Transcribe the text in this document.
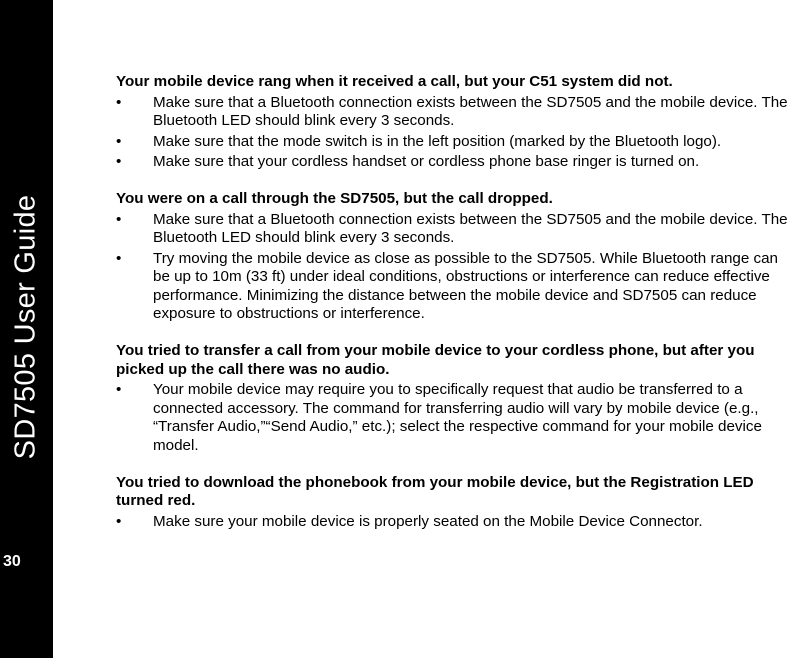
SD7505 User Guide
30

Your mobile device rang when it received a call, but your C51 system did not.

• Make sure that a Bluetooth connection exists between the SD7505 and the mobile device. The Bluetooth LED should blink every 3 seconds.
• Make sure that the mode switch is in the left position (marked by the Bluetooth logo).
• Make sure that your cordless handset or cordless phone base ringer is turned on.

You were on a call through the SD7505, but the call dropped.

• Make sure that a Bluetooth connection exists between the SD7505 and the mobile device. The Bluetooth LED should blink every 3 seconds.
• Try moving the mobile device as close as possible to the SD7505. While Bluetooth range can be up to 10m (33 ft) under ideal conditions, obstructions or interference can reduce effective performance. Minimizing the distance between the mobile device and SD7505 can reduce exposure to obstructions or interference.

You tried to transfer a call from your mobile device to your cordless phone, but after you picked up the call there was no audio.

• Your mobile device may require you to specifically request that audio be transferred to a connected accessory. The command for transferring audio will vary by mobile device (e.g., “Transfer Audio,”“Send Audio,” etc.); select the respective command for your mobile device model.

You tried to download the phonebook from your mobile device, but the Registration LED turned red.

• Make sure your mobile device is properly seated on the Mobile Device Connector.
